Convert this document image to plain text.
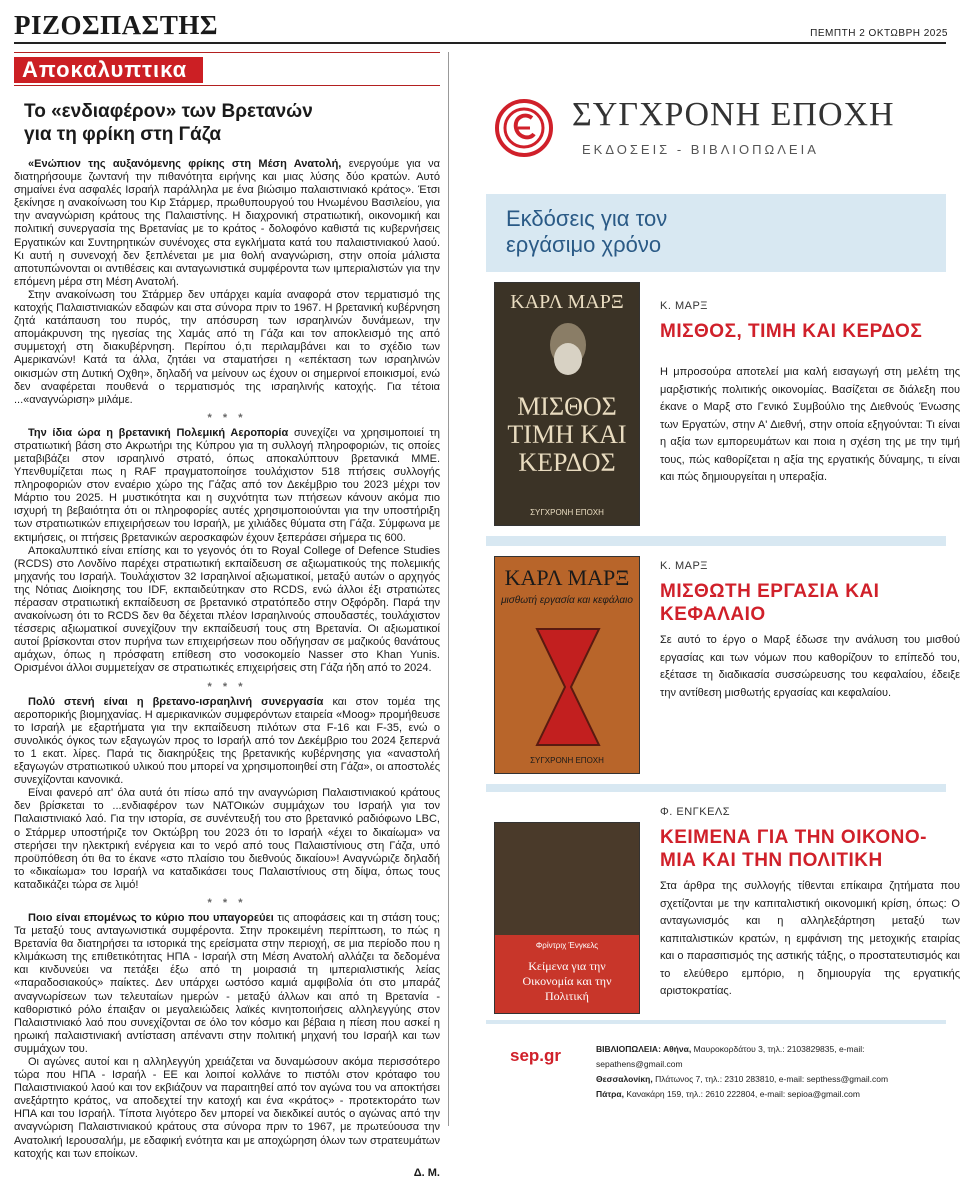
ΡΙΖΟΣΠΑΣΤΗΣ	ΠΕΜΠΤΗ 2 ΟΚΤΩΒΡΗ 2025
Αποκαλυπτικα
Το «ενδιαφέρον» των Βρετανών για τη φρίκη στη Γάζα

«Ενώπιον της αυξανόμενης φρίκης στη Μέση Ανατολή, ενεργούμε για να διατηρήσουμε ζωντανή την πιθανότητα ειρήνης και μιας λύσης δύο κρατών. Αυτό σημαίνει ένα ασφαλές Ισραήλ παράλληλα με ένα βιώσιμο παλαιστινιακό κράτος». Έτσι ξεκίνησε η ανακοίνωση του Κιρ Στάρμερ, πρωθυπουργού του Ηνωμένου Βασιλείου, για την αναγνώριση κράτους της Παλαιστίνης. Η διαχρονική στρατιωτική, οικονομική και πολιτική συνεργασία της Βρετανίας με το κράτος - δολοφόνο καθιστά τις κυβερνήσεις Εργατικών και Συντηρητικών συνένοχες στα εγκλήματα κατά του παλαιστινιακού λαού. Κι αυτή η συνενοχή δεν ξεπλένεται με μια θολή αναγνώριση, στην οποία μάλιστα αποτυπώνονται οι αντιθέσεις και ανταγωνιστικά συμφέροντα των ιμπεριαλιστών για την επόμενη μέρα στη Μέση Ανατολή.

Στην ανακοίνωση του Στάρμερ δεν υπάρχει καμία αναφορά στον τερματισμό της κατοχής Παλαιστινιακών εδαφών και στα σύνορα πριν το 1967. Η βρετανική κυβέρνηση ζητά κατάπαυση του πυρός, την απόσυρση των ισραηλινών δυνάμεων, την απομάκρυνση της ηγεσίας της Χαμάς από τη Γάζα και τον αποκλεισμό της από συμμετοχή στη διακυβέρνηση. Περίπου ό,τι περιλαμβάνει και το σχέδιο των Αμερικανών! Κατά τα άλλα, ζητάει να σταματήσει η «επέκταση των ισραηλινών οικισμών στη Δυτική Οχθη», δηλαδή να μείνουν ως έχουν οι σημερινοί εποικισμοί, ενώ δεν αναφέρεται πουθενά ο τερματισμός της ισραηλινής κατοχής. Για τέτοια ...«αναγνώριση» μιλάμε.

* * *

Την ίδια ώρα η βρετανική Πολεμική Αεροπορία συνεχίζει να χρησιμοποιεί τη στρατιωτική βάση στο Ακρωτήρι της Κύπρου για τη συλλογή πληροφοριών, τις οποίες μεταβιβάζει στον ισραηλινό στρατό, όπως αποκαλύπτουν βρετανικά ΜΜΕ. Υπενθυμίζεται πως η RAF πραγματοποίησε τουλάχιστον 518 πτήσεις συλλογής πληροφοριών στον εναέριο χώρο της Γάζας από τον Δεκέμβριο του 2023 μέχρι τον Μάρτιο του 2025. Η μυστικότητα και η συχνότητα των πτήσεων κάνουν ακόμα πιο ισχυρή τη βεβαιότητα ότι οι πληροφορίες αυτές χρησιμοποιούνται για την υποστήριξη των στρατιωτικών επιχειρήσεων του Ισραήλ, με χιλιάδες θύματα στη Γάζα. Σύμφωνα με εκτιμήσεις, οι πτήσεις βρετανικών αεροσκαφών έχουν ξεπεράσει σήμερα τις 600.

Αποκαλυπτικό είναι επίσης και το γεγονός ότι το Royal College of Defence Studies (RCDS) στο Λονδίνο παρέχει στρατιωτική εκπαίδευση σε αξιωματικούς της πολεμικής μηχανής του Ισραήλ. Τουλάχιστον 32 Ισραηλινοί αξιωματικοί, μεταξύ αυτών ο αρχηγός της Νότιας Διοίκησης του IDF, εκπαιδεύτηκαν στο RCDS, ενώ άλλοι έξι στρατιώτες πέρασαν στρατιωτική εκπαίδευση σε βρετανικό στρατόπεδο στην Οξφόρδη. Παρά την ανακοίνωση ότι το RCDS δεν θα δέχεται πλέον Ισραηλινούς σπουδαστές, τουλάχιστον τέσσερις αξιωματικοί συνεχίζουν την εκπαίδευσή τους στη Βρετανία. Οι αξιωματικοί αυτοί βρίσκονται στον πυρήνα των επιχειρήσεων που οδήγησαν σε μαζικούς θανάτους αμάχων, όπως η πρόσφατη επίθεση στο νοσοκομείο Nasser στο Khan Yunis. Ορισμένοι άλλοι συμμετείχαν σε στρατιωτικές επιχειρήσεις στη Γάζα ήδη από το 2024.

* * *

Πολύ στενή είναι η βρετανο-ισραηλινή συνεργασία και στον τομέα της αεροπορικής βιομηχανίας. Η αμερικανικών συμφερόντων εταιρεία «Moog» προμήθευσε το Ισραήλ με εξαρτήματα για την εκπαίδευση πιλότων στα F-16 και F-35, ενώ ο συνολικός όγκος των εξαγωγών προς το Ισραήλ από τον Δεκέμβριο του 2024 ξεπερνά το 1 εκατ. λίρες. Παρά τις διακηρύξεις της βρετανικής κυβέρνησης για «αναστολή εξαγωγών στρατιωτικού υλικού που μπορεί να χρησιμοποιηθεί στη Γάζα», οι αποστολές συνεχίζονται κανονικά.

Είναι φανερό απ' όλα αυτά ότι πίσω από την αναγνώριση Παλαιστινιακού κράτους δεν βρίσκεται το ...ενδιαφέρον των ΝΑΤΟικών συμμάχων του Ισραήλ για τον Παλαιστινιακό λαό. Για την ιστορία, σε συνέντευξή του στο βρετανικό ραδιόφωνο LBC, ο Στάρμερ υποστήριζε τον Οκτώβρη του 2023 ότι το Ισραήλ «έχει το δικαίωμα» να στερήσει την ηλεκτρική ενέργεια και το νερό από τους Παλαιστίνιους στη Γάζα, υπό προϋπόθεση ότι θα το έκανε «στο πλαίσιο του διεθνούς δικαίου»! Αναγνώριζε δηλαδή το «δικαίωμα» του Ισραήλ να καταδικάσει τους Παλαιστίνιους στη δίψα, όπως τους καταδικάζει τώρα σε λιμό!

* * *

Ποιο είναι επομένως το κύριο που υπαγορεύει τις αποφάσεις και τη στάση τους; Τα μεταξύ τους ανταγωνιστικά συμφέροντα. Στην προκειμένη περίπτωση, το πώς η Βρετανία θα διατηρήσει τα ιστορικά της ερείσματα στην περιοχή, σε μια περίοδο που η κλιμάκωση της επιθετικότητας ΗΠΑ - Ισραήλ στη Μέση Ανατολή αλλάζει τα δεδομένα και κινδυνεύει να πετάξει έξω από τη μοιρασιά τη ιμπεριαλιστικής λείας «παραδοσιακούς» παίκτες. Δεν υπάρχει ωστόσο καμιά αμφιβολία ότι στο μπαράζ αναγνωρίσεων των τελευταίων ημερών - μεταξύ άλλων και από τη Βρετανία - καθοριστικό ρόλο έπαιξαν οι μεγαλειώδεις λαϊκές κινητοποιήσεις αλληλεγγύης στον Παλαιστινιακό λαό που συνεχίζονται σε όλο τον κόσμο και βέβαια η πίεση που ασκεί η ηρωική παλαιστινιακή αντίσταση απέναντι στην πολιτική μηχανή του Ισραήλ και των συμμάχων του.

Οι αγώνες αυτοί και η αλληλεγγύη χρειάζεται να δυναμώσουν ακόμα περισσότερο τώρα που ΗΠΑ - Ισραήλ - ΕΕ και λοιποί κολλάνε το πιστόλι στον κρόταφο του Παλαιστινιακού λαού και τον εκβιάζουν να παραιτηθεί από τον αγώνα του να αποκτήσει ανεξάρτητο κράτος, να αποδεχτεί την κατοχή και ένα «κράτος» - προτεκτοράτο των ΗΠΑ και του Ισραήλ. Τίποτα λιγότερο δεν μπορεί να διεκδικεί αυτός ο αγώνας από την αναγνώριση Παλαιστινιακού κράτους στα σύνορα πριν το 1967, με πρωτεύουσα την Ανατολική Ιερουσαλήμ, με εδαφική ενότητα και με αποχώρηση όλων των στρατευμάτων κατοχής και των εποίκων.

Δ. Μ.
ΣΥΓΧΡΟΝΗ ΕΠΟΧΗ
ΕΚΔΟΣΕΙΣ - ΒΙΒΛΙΟΠΩΛΕΙΑ
Εκδόσεις για τον εργάσιμο χρόνο
ΚΑΡΛ ΜΑΡΞ
ΜΙΣΘΟΣ ΤΙΜΗ ΚΑΙ ΚΕΡΔΟΣ
ΣΥΓΧΡΟΝΗ ΕΠΟΧΗ
Κ. ΜΑΡΞ
ΜΙΣΘΟΣ, ΤΙΜΗ ΚΑΙ ΚΕΡΔΟΣ
Η μπροσούρα αποτελεί μια καλή εισαγωγή στη μελέτη της μαρξιστικής πολιτικής οικονομίας. Βασίζεται σε διάλεξη που έκανε ο Μαρξ στο Γενικό Συμβούλιο της Διεθνούς Ένωσης των Εργατών, στην Α' Διεθνή, στην οποία εξηγούνται: Τι είναι η αξία των εμπορευμάτων και ποια η σχέση της με την τιμή τους, πώς καθορίζεται η αξία της εργατικής δύναμης, τι είναι και πώς δημιουργείται η υπεραξία.
ΚΑΡΛ ΜΑΡΞ
μισθωτή εργασία και κεφάλαιο
ΣΥΓΧΡΟΝΗ ΕΠΟΧΗ
Κ. ΜΑΡΞ
ΜΙΣΘΩΤΗ ΕΡΓΑΣΙΑ ΚΑΙ ΚΕΦΑΛΑΙΟ
Σε αυτό το έργο ο Μαρξ έδωσε την ανάλυση του μισθού εργασίας και των νόμων που καθορίζουν το επίπεδό του, εξέτασε τη διαδικασία συσσώρευσης του κεφαλαίου, έδειξε την αντίθεση μισθωτής εργασίας και κεφαλαίου.
Φρίντριχ Ένγκελς
Κείμενα για την Οικονομία και την Πολιτική
Φ. ΕΝΓΚΕΛΣ
ΚΕΙΜΕΝΑ ΓΙΑ ΤΗΝ ΟΙΚΟΝΟ-ΜΙΑ ΚΑΙ ΤΗΝ ΠΟΛΙΤΙΚΗ
Στα άρθρα της συλλογής τίθενται επίκαιρα ζητήματα που σχετίζονται με την καπιταλιστική οικονομική κρίση, όπως: Ο ανταγωνισμός και η αλληλεξάρτηση μεταξύ των καπιταλιστικών κρατών, η εμφάνιση της μετοχικής εταιρίας και ο παρασιτισμός της αστικής τάξης, ο προστατευτισμός και το ελεύθερο εμπόριο, η δημιουργία της εργατικής αριστοκρατίας.
sep.gr	ΒΙΒΛΙΟΠΩΛΕΙΑ: Αθήνα, Μαυροκορδάτου 3, τηλ.: 2103829835, e-mail: sepathens@gmail.com
Θεσσαλονίκη, Πλάτωνος 7, τηλ.: 2310 283810, e-mail: septhess@gmail.com
Πάτρα, Κανακάρη 159, τηλ.: 2610 222804, e-mail: sepioa@gmail.com
